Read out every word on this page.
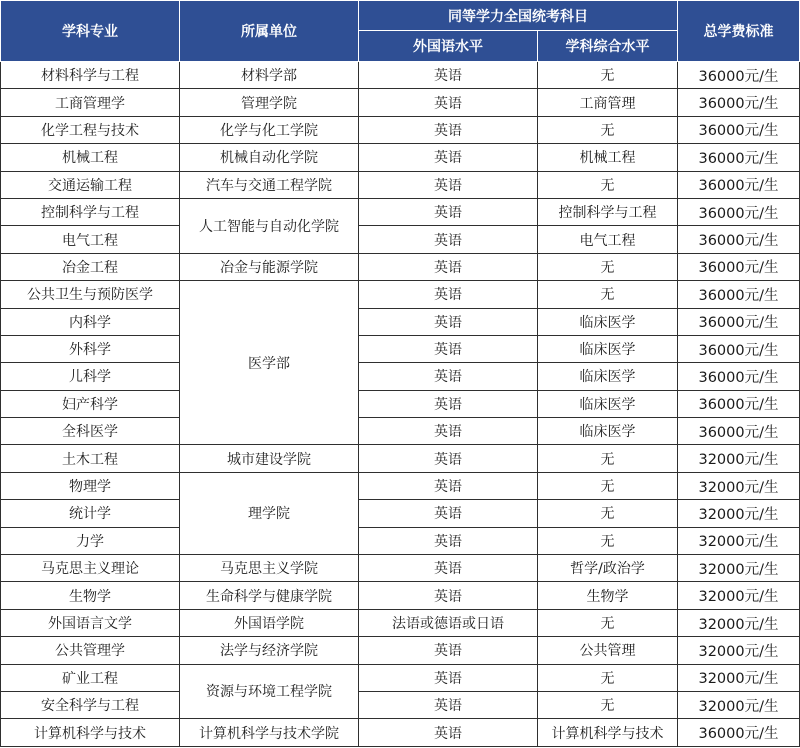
学科专业	所属单位	同等学力全国统考科目		总学费标准
		外国语水平	学科综合水平	
材料科学与工程	材料学部	英语	无	36000元/生
工商管理学	管理学院	英语	工商管理	36000元/生
化学工程与技术	化学与化工学院	英语	无	36000元/生
机械工程	机械自动化学院	英语	机械工程	36000元/生
交通运输工程	汽车与交通工程学院	英语	无	36000元/生
控制科学与工程	人工智能与自动化学院	英语	控制科学与工程	36000元/生
电气工程		英语	电气工程	36000元/生
冶金工程	冶金与能源学院	英语	无	36000元/生
公共卫生与预防医学	医学部	英语	无	36000元/生
内科学		英语	临床医学	36000元/生
外科学		英语	临床医学	36000元/生
儿科学		英语	临床医学	36000元/生
妇产科学		英语	临床医学	36000元/生
全科医学		英语	临床医学	36000元/生
土木工程	城市建设学院	英语	无	32000元/生
物理学	理学院	英语	无	32000元/生
统计学		英语	无	32000元/生
力学		英语	无	32000元/生
马克思主义理论	马克思主义学院	英语	哲学/政治学	32000元/生
生物学	生命科学与健康学院	英语	生物学	32000元/生
外国语言文学	外国语学院	法语或德语或日语	无	32000元/生
公共管理学	法学与经济学院	英语	公共管理	32000元/生
矿业工程	资源与环境工程学院	英语	无	32000元/生
安全科学与工程		英语	无	32000元/生
计算机科学与技术	计算机科学与技术学院	英语	计算机科学与技术	36000元/生
